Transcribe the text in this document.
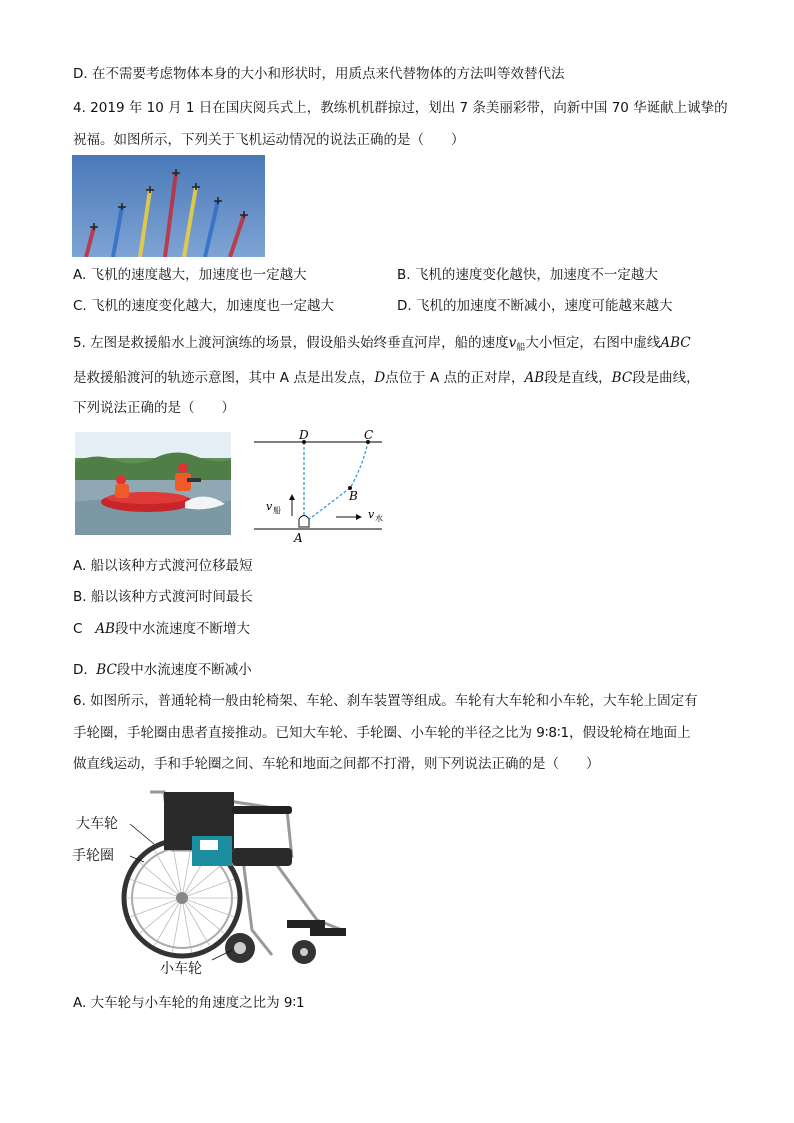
D. 在不需要考虑物体本身的大小和形状时，用质点来代替物体的方法叫等效替代法
4. 2019 年 10 月 1 日在国庆阅兵式上，教练机机群掠过，划出 7 条美丽彩带，向新中国 70 华诞献上诚挚的
祝福。如图所示，下列关于飞机运动情况的说法正确的是（　　）
A. 飞机的速度越大，加速度也一定越大	B. 飞机的速度变化越快，加速度不一定越大
C. 飞机的速度变化越大，加速度也一定越大	D. 飞机的加速度不断减小，速度可能越来越大
5. 左图是救援船水上渡河演练的场景，假设船头始终垂直河岸，船的速度$v_船$大小恒定，右图中虚线ABC
是救援船渡河的轨迹示意图，其中 A 点是出发点，D点位于 A 点的正对岸，AB段是直线，BC段是曲线，
下列说法正确的是（　　）
D	C
B
A
v 船	v 水
A. 船以该种方式渡河位移最短
B. 船以该种方式渡河时间最长
C AB段中水流速度不断增大
D. BC段中水流速度不断减小
6. 如图所示，普通轮椅一般由轮椅架、车轮、刹车装置等组成。车轮有大车轮和小车轮，大车轮上固定有
手轮圈，手轮圈由患者直接推动。已知大车轮、手轮圈、小车轮的半径之比为 9∶8∶1，假设轮椅在地面上
做直线运动，手和手轮圈之间、车轮和地面之间都不打滑，则下列说法正确的是（　　）
大车轮
手轮圈
小车轮
A. 大车轮与小车轮的角速度之比为 9∶1
